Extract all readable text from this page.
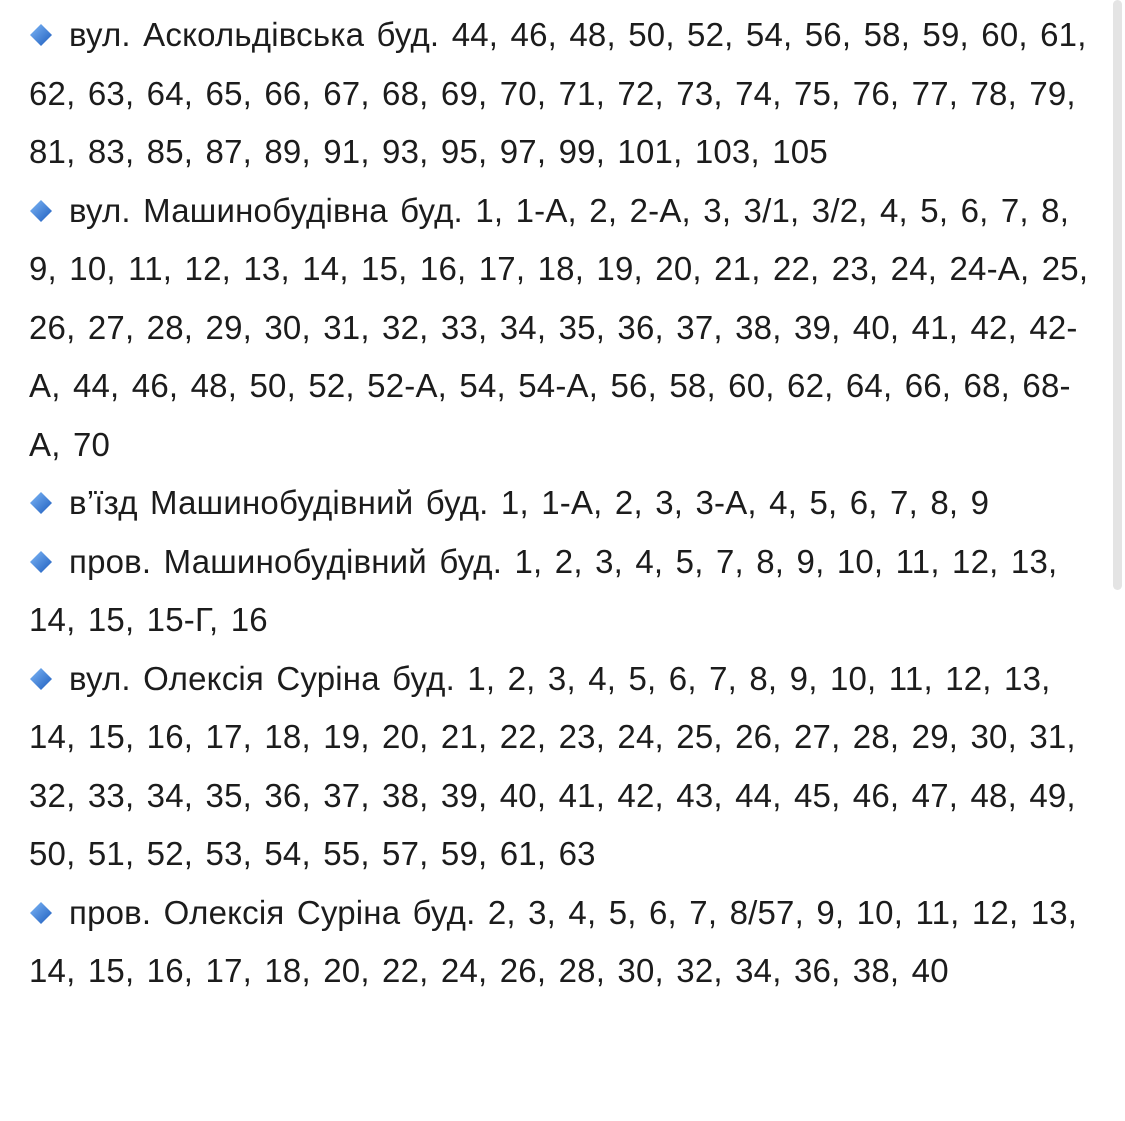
вул. Аскольдівська буд. 44, 46, 48, 50, 52, 54, 56, 58, 59, 60, 61, 62, 63, 64, 65, 66, 67, 68, 69, 70, 71, 72, 73, 74, 75, 76, 77, 78, 79, 81, 83, 85, 87, 89, 91, 93, 95, 97, 99, 101, 103, 105

вул. Машинобудівна буд. 1, 1-А, 2, 2-А, 3, 3/1, 3/2, 4, 5, 6, 7, 8, 9, 10, 11, 12, 13, 14, 15, 16, 17, 18, 19, 20, 21, 22, 23, 24, 24-А, 25, 26, 27, 28, 29, 30, 31, 32, 33, 34, 35, 36, 37, 38, 39, 40, 41, 42, 42-А, 44, 46, 48, 50, 52, 52-А, 54, 54-А, 56, 58, 60, 62, 64, 66, 68, 68-А, 70

в’їзд Машинобудівний буд. 1, 1-А, 2, 3, 3-А, 4, 5, 6, 7, 8, 9

пров. Машинобудівний буд. 1, 2, 3, 4, 5, 7, 8, 9, 10, 11, 12, 13, 14, 15, 15-Г, 16

вул. Олексія Суріна буд. 1, 2, 3, 4, 5, 6, 7, 8, 9, 10, 11, 12, 13, 14, 15, 16, 17, 18, 19, 20, 21, 22, 23, 24, 25, 26, 27, 28, 29, 30, 31, 32, 33, 34, 35, 36, 37, 38, 39, 40, 41, 42, 43, 44, 45, 46, 47, 48, 49, 50, 51, 52, 53, 54, 55, 57, 59, 61, 63

пров. Олексія Суріна буд. 2, 3, 4, 5, 6, 7, 8/57, 9, 10, 11, 12, 13, 14, 15, 16, 17, 18, 20, 22, 24, 26, 28, 30, 32, 34, 36, 38, 40
